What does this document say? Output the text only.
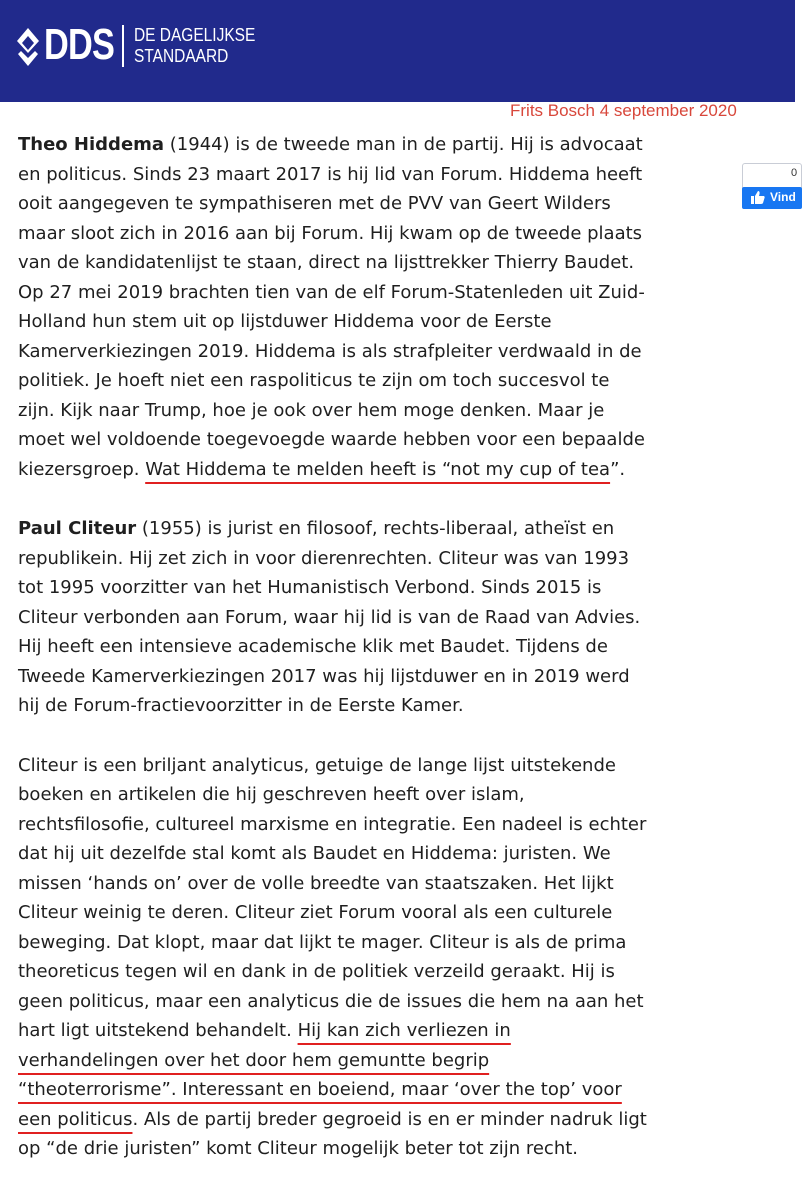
DDS DE DAGELIJKSE
STANDAARD
Frits Bosch 4 september 2020
0
Vind

Theo Hiddema (1944) is de tweede man in de partij. Hij is advocaat en politicus. Sinds 23 maart 2017 is hij lid van Forum. Hiddema heeft ooit aangegeven te sympathiseren met de PVV van Geert Wilders maar sloot zich in 2016 aan bij Forum. Hij kwam op de tweede plaats van de kandidatenlijst te staan, direct na lijsttrekker Thierry Baudet. Op 27 mei 2019 brachten tien van de elf Forum-Statenleden uit Zuid-Holland hun stem uit op lijstduwer Hiddema voor de Eerste Kamerverkiezingen 2019. Hiddema is als strafpleiter verdwaald in de politiek. Je hoeft niet een raspoliticus te zijn om toch succesvol te zijn. Kijk naar Trump, hoe je ook over hem moge denken. Maar je moet wel voldoende toegevoegde waarde hebben voor een bepaalde kiezersgroep. Wat Hiddema te melden heeft is “not my cup of tea”.

Paul Cliteur (1955) is jurist en filosoof, rechts-liberaal, atheïst en republikein. Hij zet zich in voor dierenrechten. Cliteur was van 1993 tot 1995 voorzitter van het Humanistisch Verbond. Sinds 2015 is Cliteur verbonden aan Forum, waar hij lid is van de Raad van Advies. Hij heeft een intensieve academische klik met Baudet. Tijdens de Tweede Kamerverkiezingen 2017 was hij lijstduwer en in 2019 werd hij de Forum-fractievoorzitter in de Eerste Kamer.

Cliteur is een briljant analyticus, getuige de lange lijst uitstekende boeken en artikelen die hij geschreven heeft over islam, rechtsfilosofie, cultureel marxisme en integratie. Een nadeel is echter dat hij uit dezelfde stal komt als Baudet en Hiddema: juristen. We missen ‘hands on’ over de volle breedte van staatszaken. Het lijkt Cliteur weinig te deren. Cliteur ziet Forum vooral als een culturele beweging. Dat klopt, maar dat lijkt te mager. Cliteur is als de prima theoreticus tegen wil en dank in de politiek verzeild geraakt. Hij is geen politicus, maar een analyticus die de issues die hem na aan het hart ligt uitstekend behandelt. Hij kan zich verliezen in verhandelingen over het door hem gemuntte begrip “theoterrorisme”. Interessant en boeiend, maar ‘over the top’ voor een politicus. Als de partij breder gegroeid is en er minder nadruk ligt op “de drie juristen” komt Cliteur mogelijk beter tot zijn recht.
